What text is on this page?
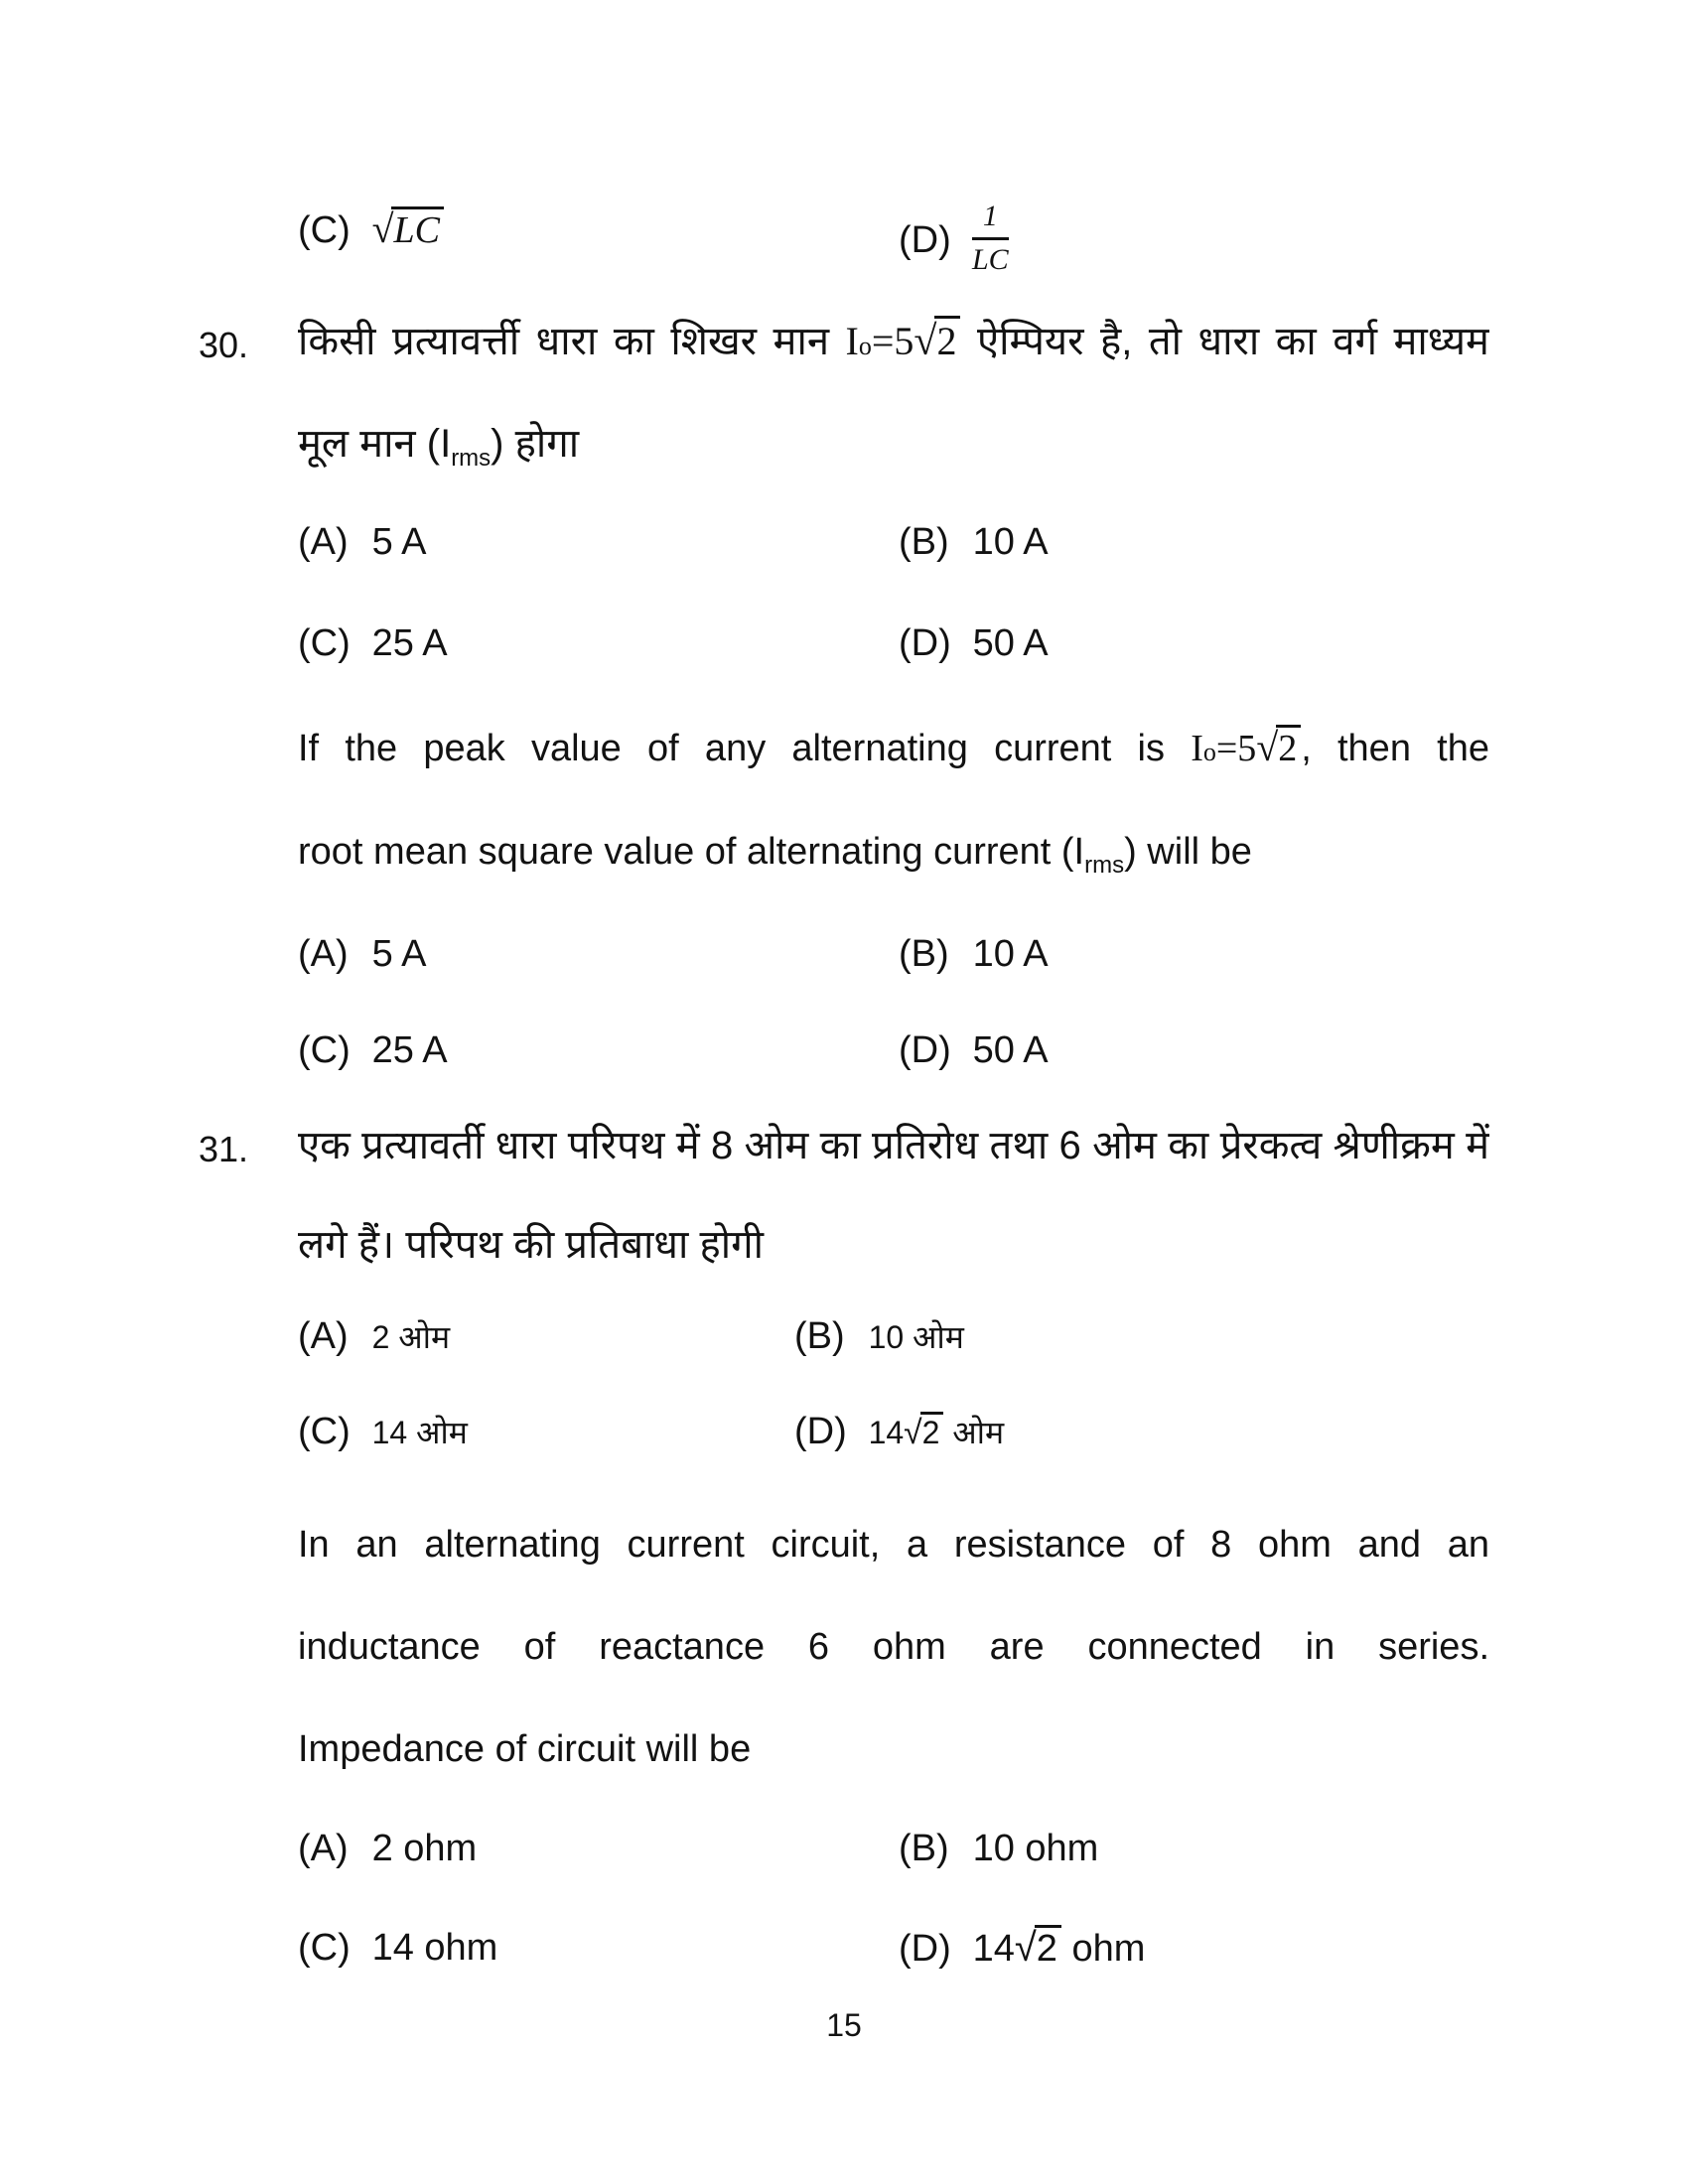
(C) √LC	$(D) \frac{1}{LC}$
30. किसी प्रत्यावर्त्ती धारा का शिखर मान Io=5√2 ऐम्पियर है, तो धारा का वर्ग माध्यम
मूल मान $(I_{rms})$ होगा
(A) 5 A	(B) 10 A
(C) 25 A	(D) 50 A
If the peak value of any alternating current is Io=5√2 , then the
root mean square value of alternating current $(I_{rms})$ will be
(A) 5 A	(B) 10 A
(C) 25 A	(D) 50 A
31. एक प्रत्यावर्ती धारा परिपथ में 8 ओम का प्रतिरोध तथा 6 ओम का प्रेरकत्व श्रेणीक्रम में
लगे हैं। परिपथ की प्रतिबाधा होगी
(A) 2 ओम	(B) 10 ओम
(C) 14 ओम	(D) 14√2 ओम
In an alternating current circuit, a resistance of 8 ohm and an
inductance of reactance 6 ohm are connected in series.
Impedance of circuit will be
(A) 2 ohm	(B) 10 ohm
(C) 14 ohm	(D) 14√2 ohm
15
